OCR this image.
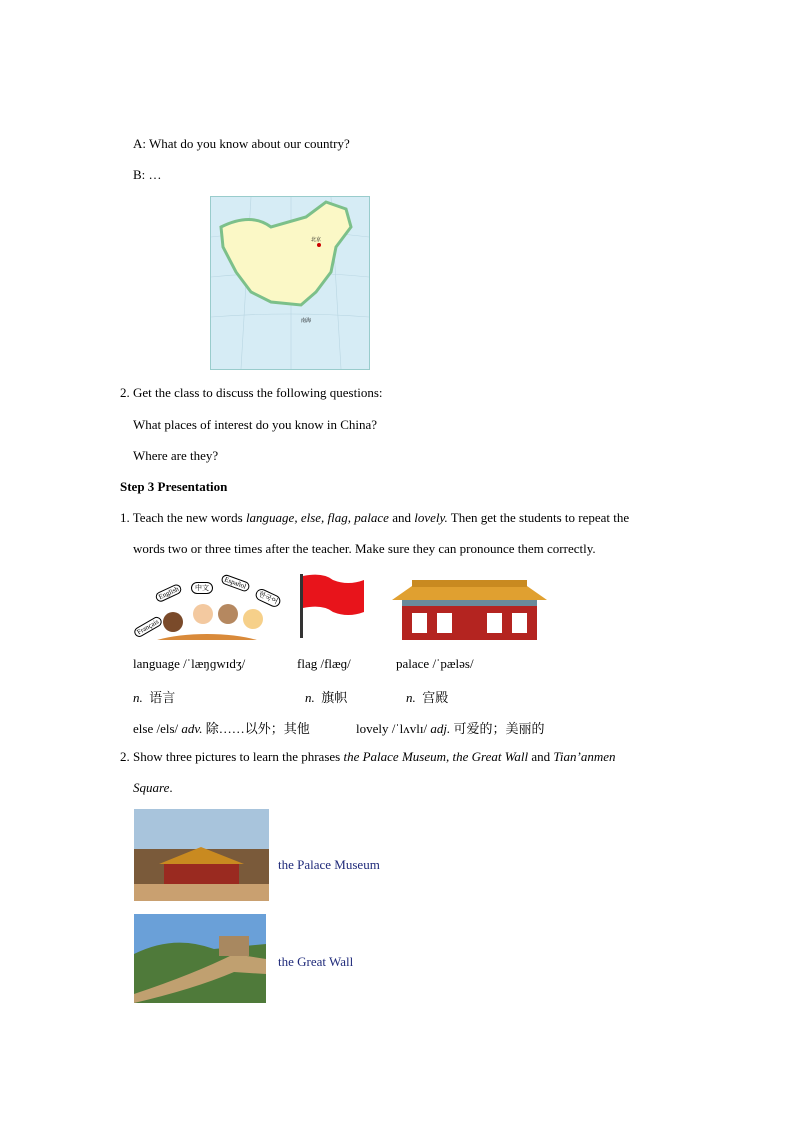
A: What do you know about our country?
B: …
北京
南海
2. Get the class to discuss the following questions:
What places of interest do you know in China?
Where are they?
Step 3 Presentation
1. Teach the new words language, else, flag, palace and lovely. Then get the students to repeat the
words two or three times after the teacher. Make sure they can pronounce them correctly.
Français
English	中文	Español
한국어
language /ˈlæŋɡwɪdʒ/	flag /flæɡ/	palace /ˈpæləs/
n. 语言	n. 旗帜	n. 宫殿
else /els/ adv. 除……以外；其他	lovely /ˈlʌvlɪ/ adj. 可爱的；美丽的
2. Show three pictures to learn the phrases the Palace Museum, the Great Wall and Tian’anmen
Square.
the Palace Museum
the Great Wall
